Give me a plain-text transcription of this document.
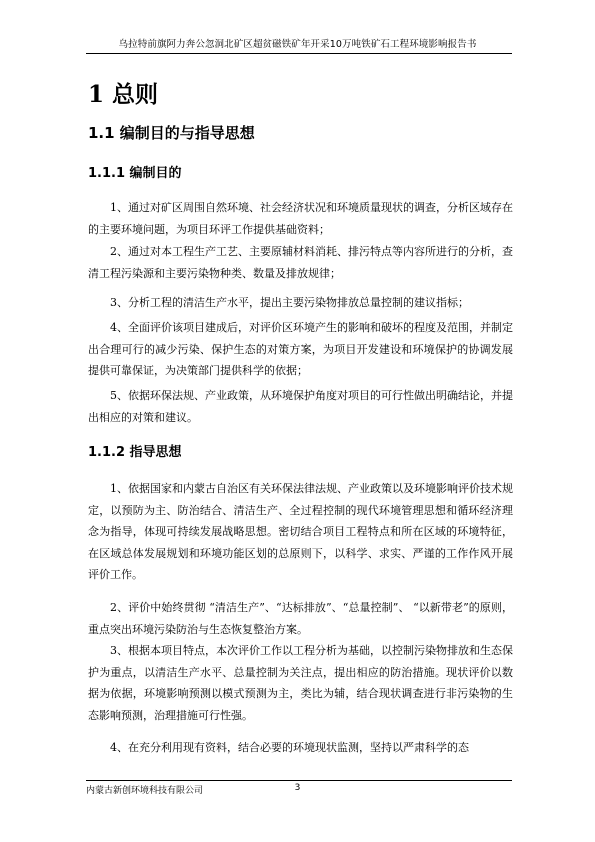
乌拉特前旗阿力奔公忽洞北矿区超贫磁铁矿年开采10万吨铁矿石工程环境影响报告书
1 总则
1.1 编制目的与指导思想
1.1.1 编制目的

1、通过对矿区周围自然环境、社会经济状况和环境质量现状的调查，分析区域存在的主要环境问题，为项目环评工作提供基础资料；

2、通过对本工程生产工艺、主要原辅材料消耗、排污特点等内容所进行的分析，查清工程污染源和主要污染物种类、数量及排放规律；

3、分析工程的清洁生产水平，提出主要污染物排放总量控制的建议指标；

4、全面评价该项目建成后，对评价区环境产生的影响和破坏的程度及范围，并制定出合理可行的减少污染、保护生态的对策方案，为项目开发建设和环境保护的协调发展提供可靠保证，为决策部门提供科学的依据；

5、依据环保法规、产业政策，从环境保护角度对项目的可行性做出明确结论，并提出相应的对策和建议。

1.1.2 指导思想

1、依据国家和内蒙古自治区有关环保法律法规、产业政策以及环境影响评价技术规定，以预防为主、防治结合、清洁生产、全过程控制的现代环境管理思想和循环经济理念为指导，体现可持续发展战略思想。密切结合项目工程特点和所在区域的环境特征，在区域总体发展规划和环境功能区划的总原则下，以科学、求实、严谨的工作作风开展评价工作。

2、评价中始终贯彻 “清洁生产”、“达标排放”、“总量控制”、 “以新带老”的原则，重点突出环境污染防治与生态恢复整治方案。

3、根据本项目特点，本次评价工作以工程分析为基础，以控制污染物排放和生态保护为重点，以清洁生产水平、总量控制为关注点，提出相应的防治措施。现状评价以数据为依据，环境影响预测以模式预测为主，类比为辅，结合现状调查进行非污染物的生态影响预测，治理措施可行性强。

4、在充分利用现有资料，结合必要的环境现状监测，坚持以严肃科学的态

内蒙古新创环境科技有限公司	3
